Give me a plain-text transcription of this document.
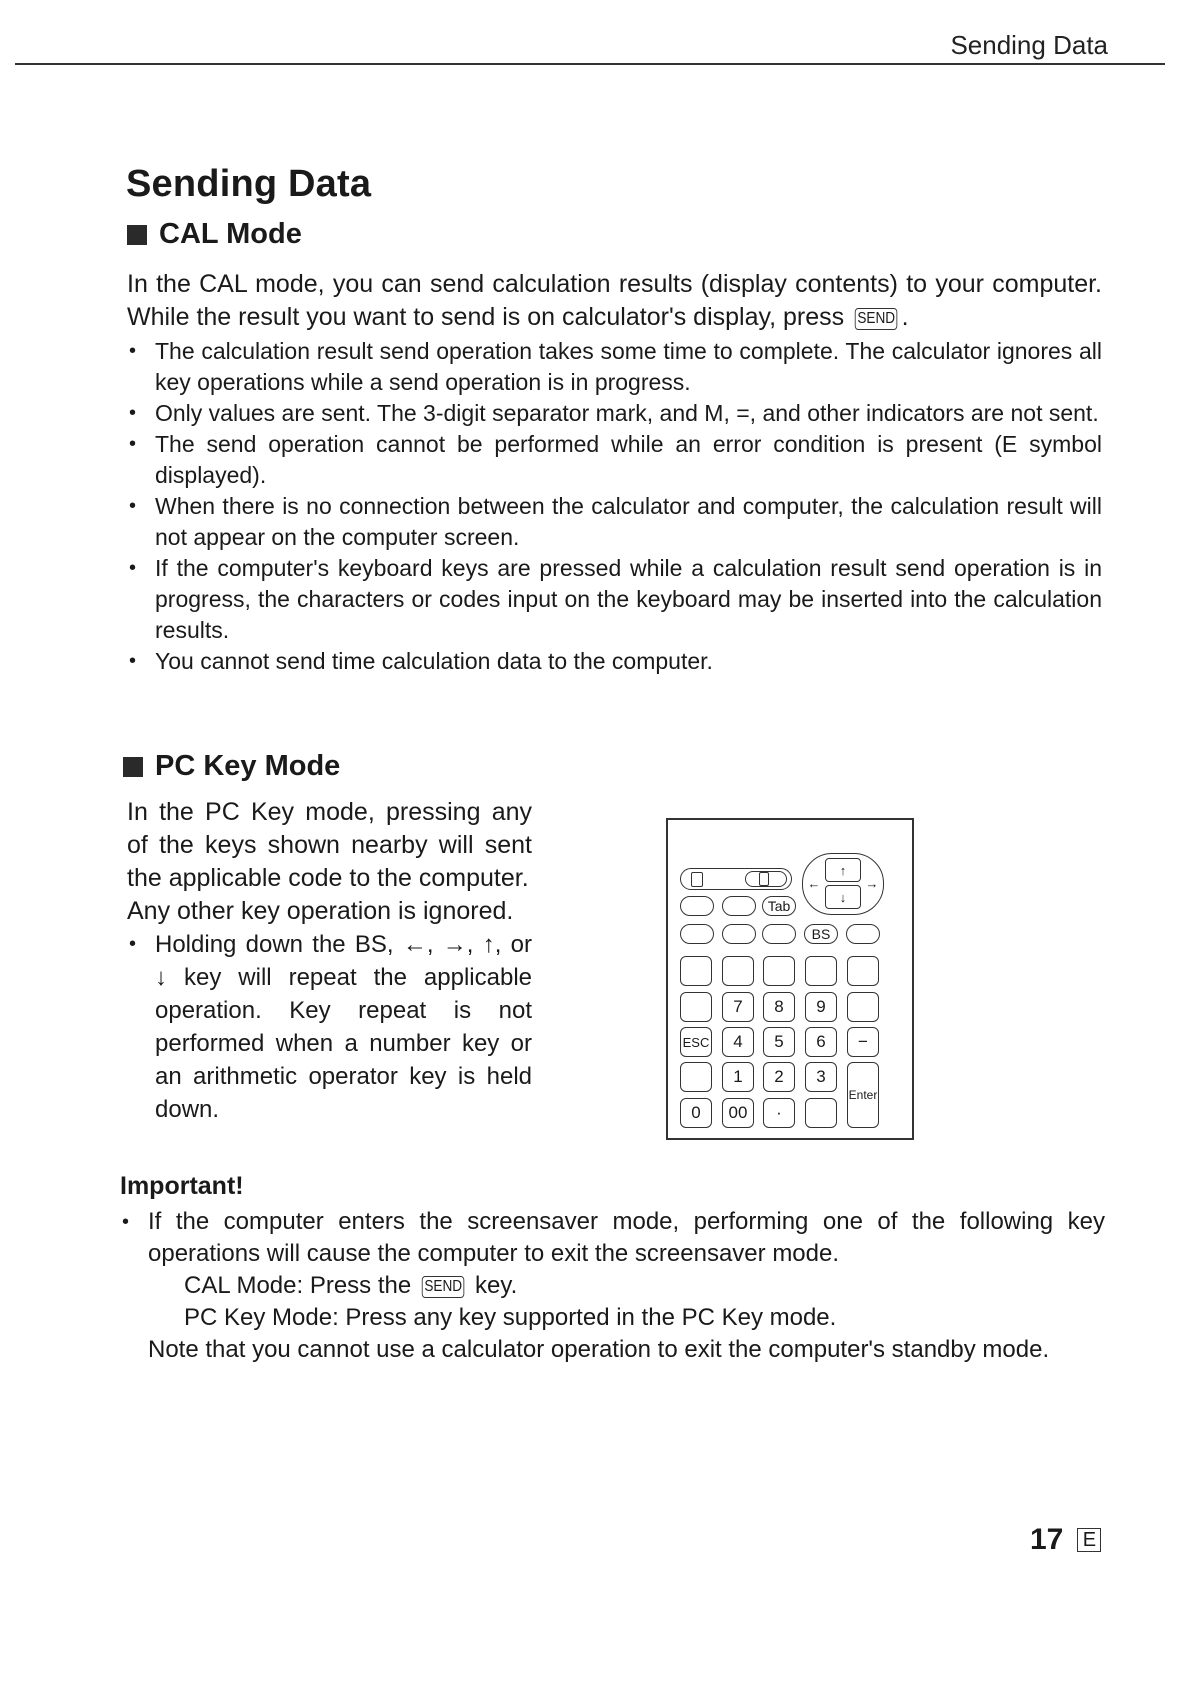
Sending Data
Sending Data
CAL Mode
In the CAL mode, you can send calculation results (display contents) to your computer. While the result you want to send is on calculator's display, press SEND .
• The calculation result send operation takes some time to complete. The calculator ignores all key operations while a send operation is in progress.
• Only values are sent. The 3-digit separator mark, and M, =, and other indicators are not sent.
• The send operation cannot be performed while an error condition is present (E symbol displayed).
• When there is no connection between the calculator and computer, the calculation result will not appear on the computer screen.
• If the computer's keyboard keys are pressed while a calculation result send operation is in progress, the characters or codes input on the keyboard may be inserted into the calculation results.
• You cannot send time calculation data to the computer.
PC Key Mode
In the PC Key mode, pressing any of the keys shown nearby will sent the applicable code to the computer.
Any other key operation is ignored.
• Holding down the BS, ←, →, ↑, or ↓ key will repeat the applicable operation. Key repeat is not performed when a number key or an arithmetic operator key is held down.
←
↑
↓
→
Tab
BS
7	8	9
ESC	4	5	6	−
1	2	3
Enter
0	00	·
Important!
• If the computer enters the screensaver mode, performing one of the following key operations will cause the computer to exit the screensaver mode.
CAL Mode: Press the SEND key.
PC Key Mode: Press any key supported in the PC Key mode.
Note that you cannot use a calculator operation to exit the computer's standby mode.
17 E
